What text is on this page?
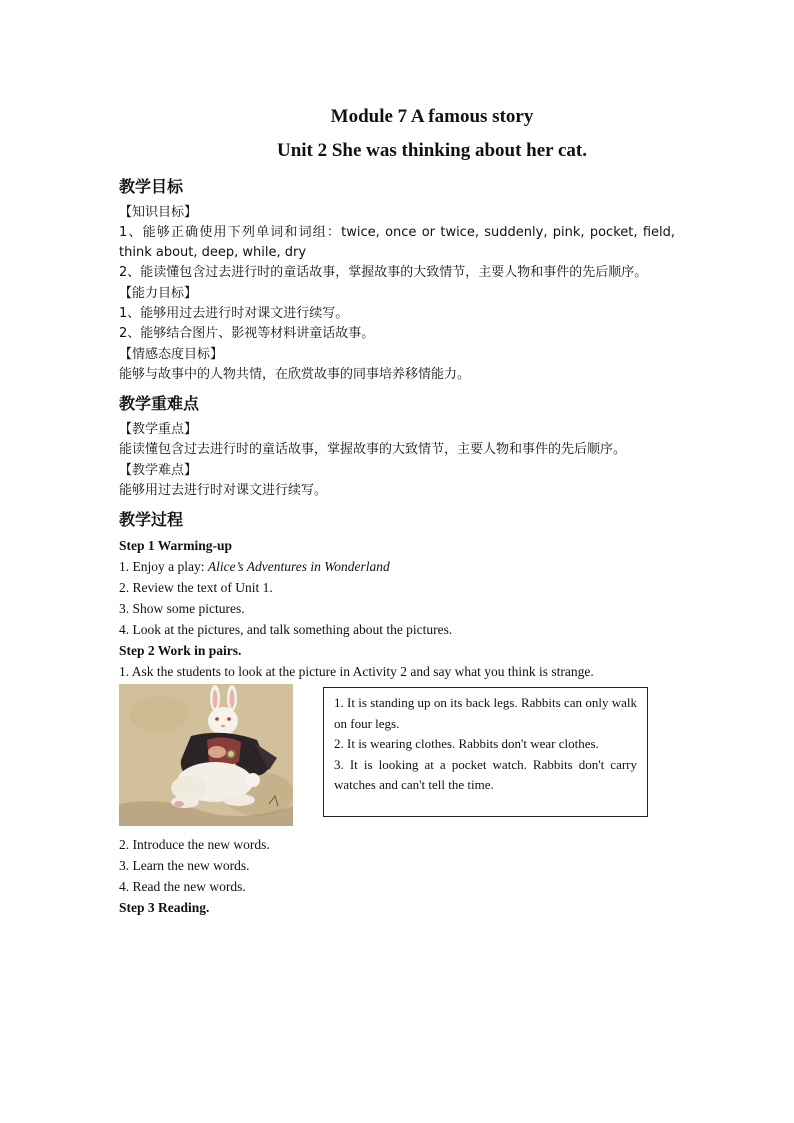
Module 7 A famous story

Unit 2 She was thinking about her cat.

教学目标

【知识目标】

1、能够正确使用下列单词和词组：twice, once or twice, suddenly, pink, pocket, field, think about, deep, while, dry

2、能读懂包含过去进行时的童话故事，掌握故事的大致情节，主要人物和事件的先后顺序。

【能力目标】

1、能够用过去进行时对课文进行续写。

2、能够结合图片、影视等材料讲童话故事。

【情感态度目标】

能够与故事中的人物共情，在欣赏故事的同事培养移情能力。

教学重难点

【教学重点】

能读懂包含过去进行时的童话故事，掌握故事的大致情节，主要人物和事件的先后顺序。

【教学难点】

能够用过去进行时对课文进行续写。

教学过程

Step 1 Warming-up

1. Enjoy a play: Alice’s Adventures in Wonderland

2. Review the text of Unit 1.

3. Show some pictures.

4. Look at the pictures, and talk something about the pictures.

Step 2 Work in pairs.

1. Ask the students to look at the picture in Activity 2 and say what you think is strange.

1. It is standing up on its back legs. Rabbits can only walk on four legs.

2. It is wearing clothes. Rabbits don't wear clothes.

3. It is looking at a pocket watch. Rabbits don't carry watches and can't tell the time.

2. Introduce the new words.

3. Learn the new words.

4. Read the new words.

Step 3 Reading.
